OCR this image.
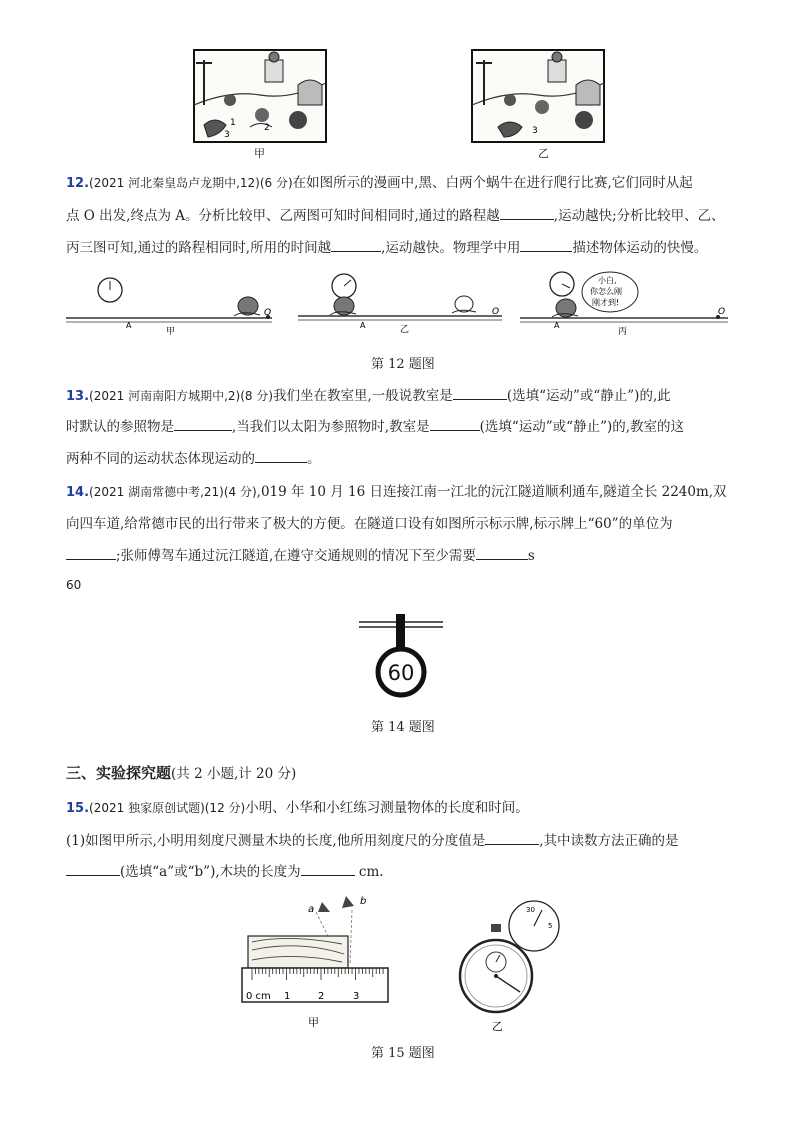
1	2
3
甲
3
乙
12.(2021 河北秦皇岛卢龙期中,12)(6 分)在如图所示的漫画中,黑、白两个蜗牛在进行爬行比赛,它们同时从起
点 O 出发,终点为 A。分析比较甲、乙两图可知时间相同时,通过的路程越	,运动越快;分析比较甲、乙、
丙三图可知,通过的路程相同时,所用的时间越	,运动越快。物理学中用	描述物体运动的快慢。
A
O
甲
A
O
乙
小白,
你怎么刚
刚才到!
A
O
丙
第 12 题图
13.(2021 河南南阳方城期中,2)(8 分)我们坐在教室里,一般说教室是	(选填“运动”或“静止”)的,此
时默认的参照物是	,当我们以太阳为参照物时,教室是	(选填“运动”或“静止”)的,教室的这
两种不同的运动状态体现运动的	。
14.(2021 湖南常德中考,21)(4 分),019 年 10 月 16 日连接江南一江北的沅江隧道顺利通车,隧道全长 2240m,双
向四车道,给常德市民的出行带来了极大的方便。在隧道口设有如图所示标示牌,标示牌上“60”的单位为
;张师傅驾车通过沅江隧道,在遵守交通规则的情况下至少需要	s
60
60
第 14 题图
三、实验探究题(共 2 小题,计 20 分)
15.(2021 独家原创试题)(12 分)小明、小华和小红练习测量物体的长度和时间。
(1)如图甲所示,小明用刻度尺测量木块的长度,他所用刻度尺的分度值是	,其中读数方法正确的是
(选填“a”或“b”),木块的长度为	cm.
a
b
0 cm 1	2	3
甲
30
5
乙
第 15 题图
